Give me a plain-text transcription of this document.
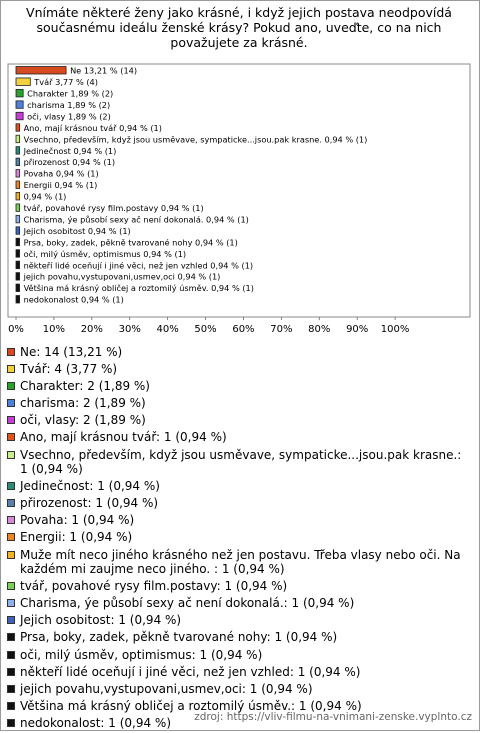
Vnímáte některé ženy jako krásné, i když jejich postava neodpovídá současnému ideálu ženské krásy? Pokud ano, uveďte, co na nich považujete za krásné.
Ne 13,21 % (14)
Tvář 3,77 % (4)
Charakter 1,89 % (2)
charisma 1,89 % (2)
oči, vlasy 1,89 % (2)
Ano, mají krásnou tvář 0,94 % (1)
Vsechno, především, když jsou usměvave, sympaticke...jsou.pak krasne. 0,94 % (1)
Jedinečnost 0,94 % (1)
přirozenost 0,94 % (1)
Povaha 0,94 % (1)
Energii 0,94 % (1)
0,94 % (1)
tvář, povahové rysy film.postavy 0,94 % (1)
Charisma, ýe působí sexy ač není dokonalá. 0,94 % (1)
Jejich osobitost 0,94 % (1)
Prsa, boky, zadek, pěkně tvarované nohy 0,94 % (1)
oči, milý úsměv, optimismus 0,94 % (1)
někteří lidé oceňují i jiné věci, než jen vzhled 0,94 % (1)
jejich povahu,vystupovani,usmev,oci 0,94 % (1)
Většina má krásný obličej a roztomilý úsměv. 0,94 % (1)
nedokonalost 0,94 % (1)
0% 10% 20% 30% 40% 50% 60% 70% 80% 90% 100%
Ne: 14 (13,21 %)
Tvář: 4 (3,77 %)
Charakter: 2 (1,89 %)
charisma: 2 (1,89 %)
oči, vlasy: 2 (1,89 %)
Ano, mají krásnou tvář: 1 (0,94 %)
Vsechno, především, když jsou usměvave, sympaticke...jsou.pak krasne.: 1 (0,94 %)
Jedinečnost: 1 (0,94 %)
přirozenost: 1 (0,94 %)
Povaha: 1 (0,94 %)
Energii: 1 (0,94 %)
Muže mít neco jiného krásného než jen postavu. Třeba vlasy nebo oči. Na každém mi zaujme neco jiného. : 1 (0,94 %)
tvář, povahové rysy film.postavy: 1 (0,94 %)
Charisma, ýe působí sexy ač není dokonalá.: 1 (0,94 %)
Jejich osobitost: 1 (0,94 %)
Prsa, boky, zadek, pěkně tvarované nohy: 1 (0,94 %)
oči, milý úsměv, optimismus: 1 (0,94 %)
někteří lidé oceňují i jiné věci, než jen vzhled: 1 (0,94 %)
jejich povahu,vystupovani,usmev,oci: 1 (0,94 %)
Většina má krásný obličej a roztomilý úsměv.: 1 (0,94 %)
nedokonalost: 1 (0,94 %)	zdroj: https://vliv-filmu-na-vnimani-zenske.vyplnto.cz
